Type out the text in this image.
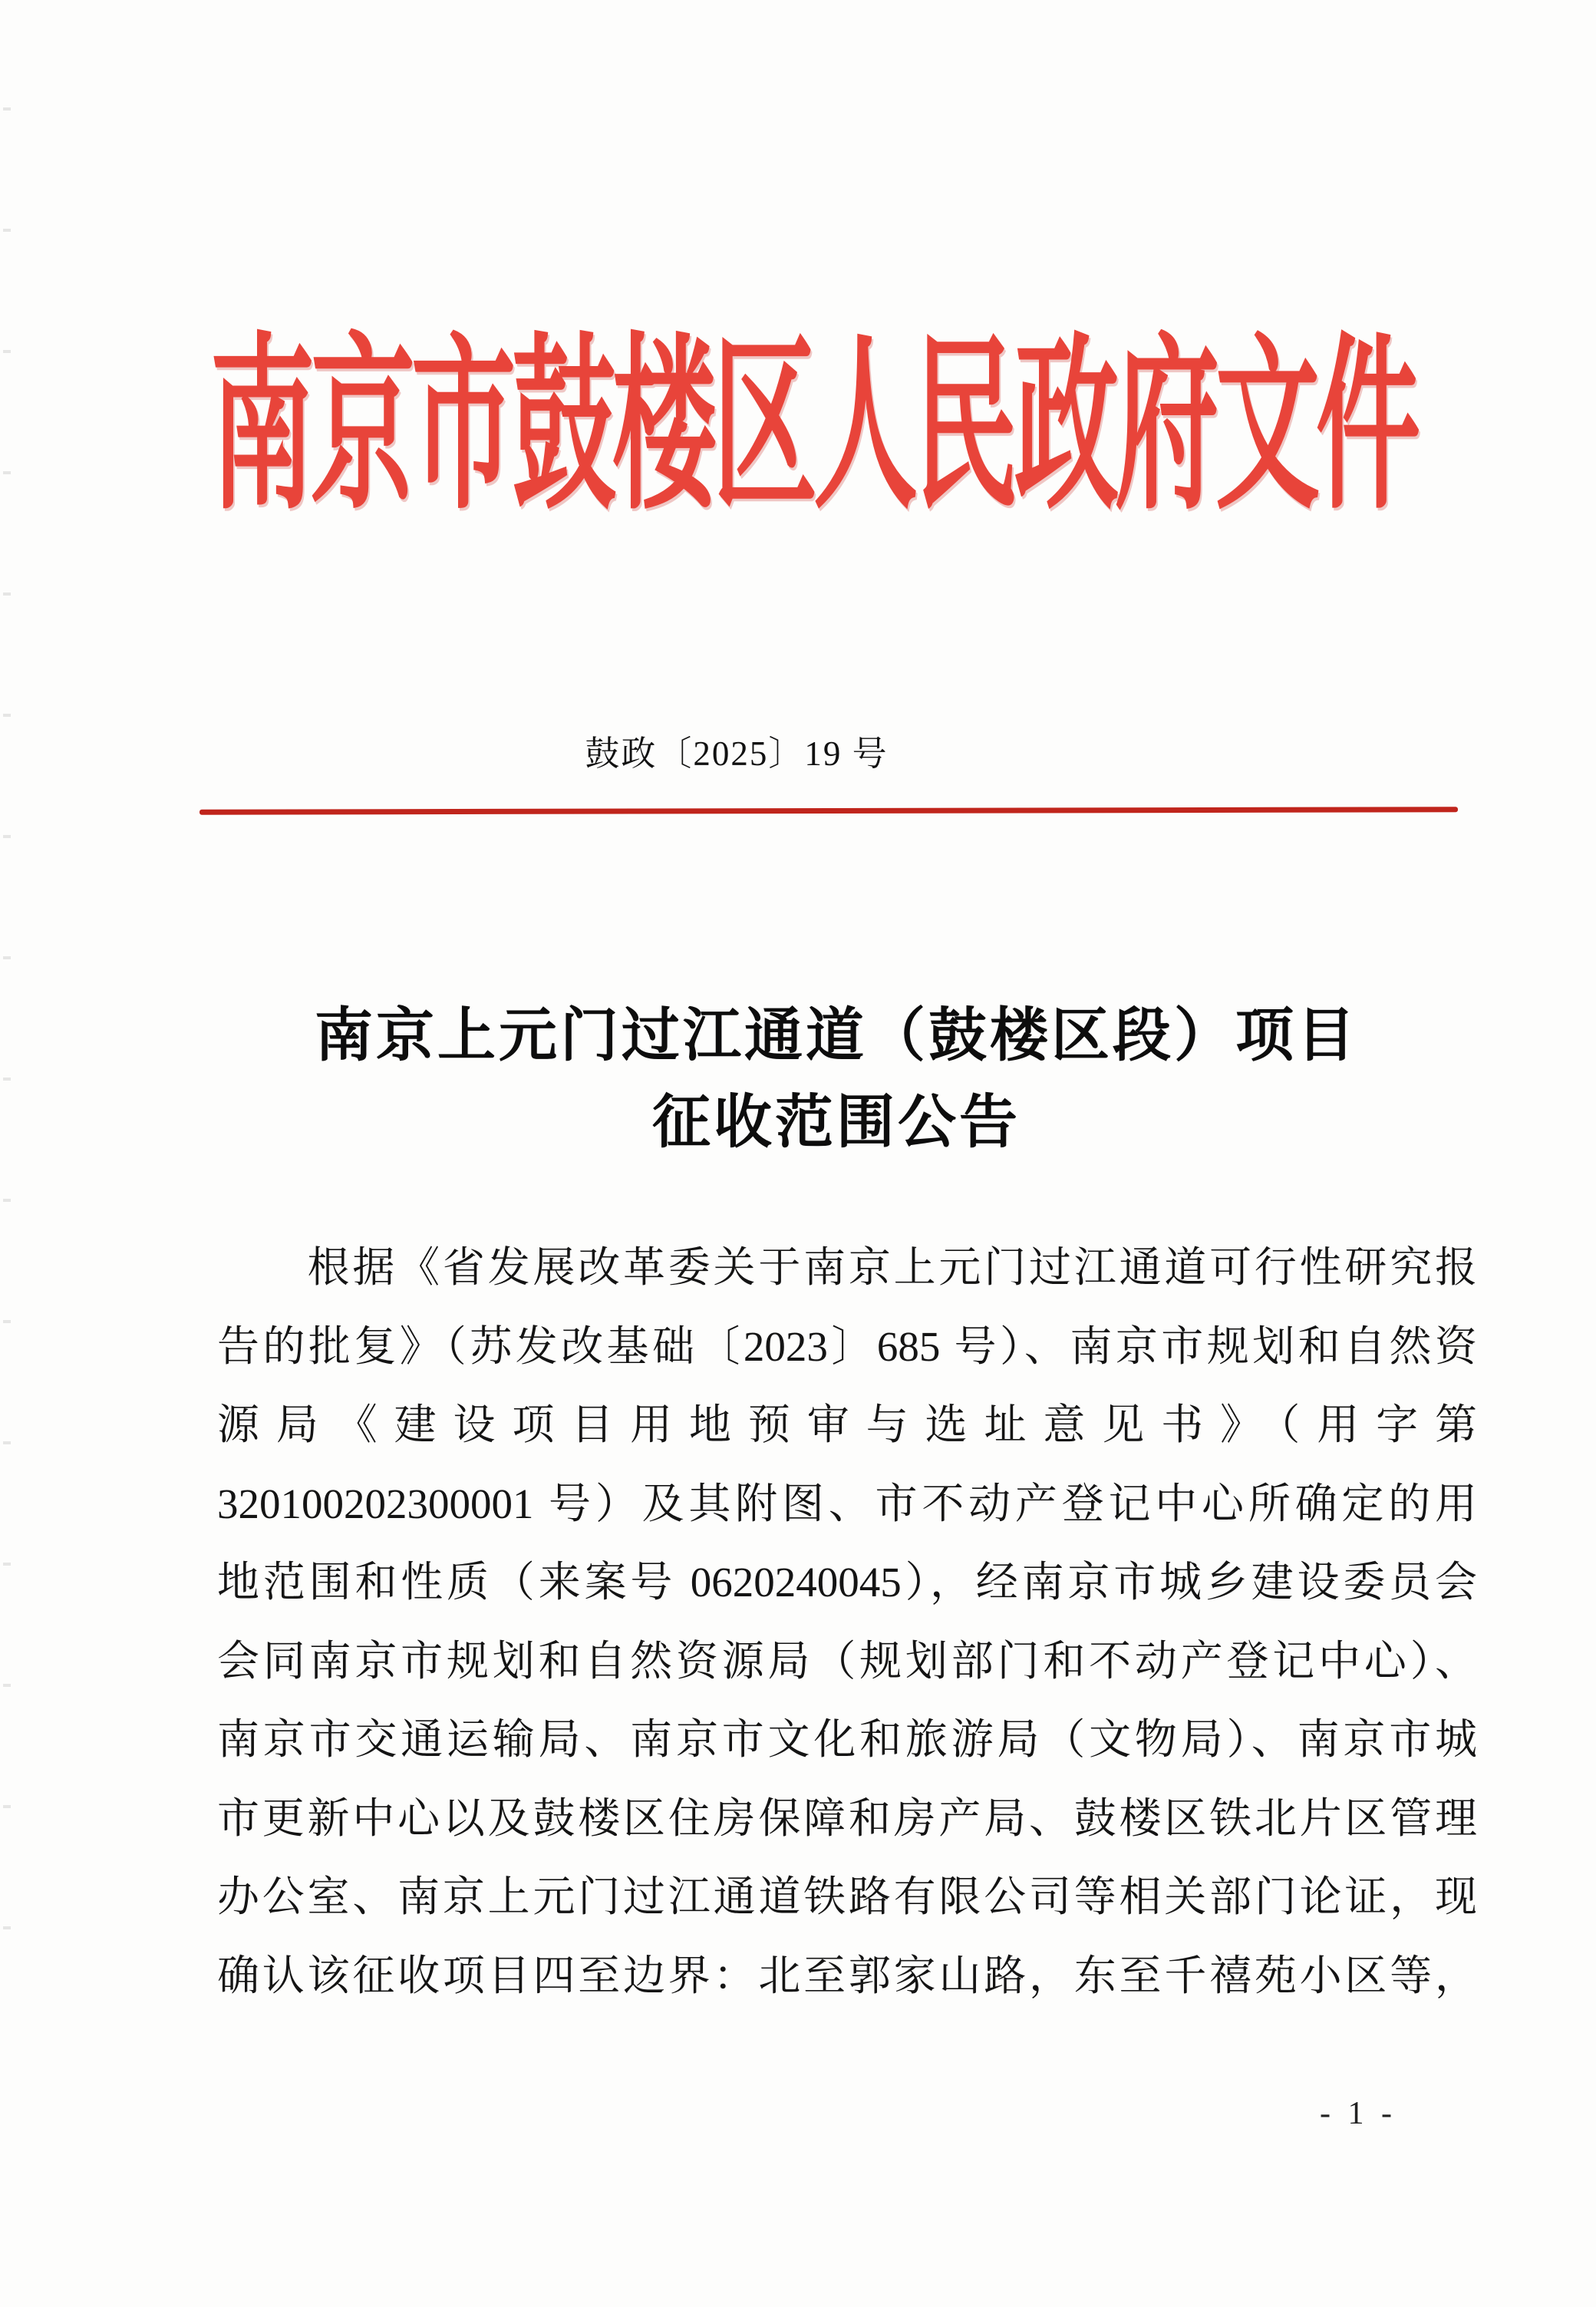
南京市鼓楼区人民政府文件
鼓政〔2025〕19 号
南京上元门过江通道（鼓楼区段）项目
征收范围公告
　　根据《省发展改革委关于南京上元门过江通道可行性研究报
告的批复》（苏发改基础〔2023〕685 号）、南京市规划和自然资
源局《建设项目用地预审与选址意见书》（用字第
320100202300001 号）及其附图、市不动产登记中心所确定的用
地范围和性质（来案号 0620240045），经南京市城乡建设委员会
会同南京市规划和自然资源局（规划部门和不动产登记中心）、
南京市交通运输局、南京市文化和旅游局（文物局）、南京市城
市更新中心以及鼓楼区住房保障和房产局、鼓楼区铁北片区管理
办公室、南京上元门过江通道铁路有限公司等相关部门论证，现
确认该征收项目四至边界：北至郭家山路，东至千禧苑小区等，
- 1 -
